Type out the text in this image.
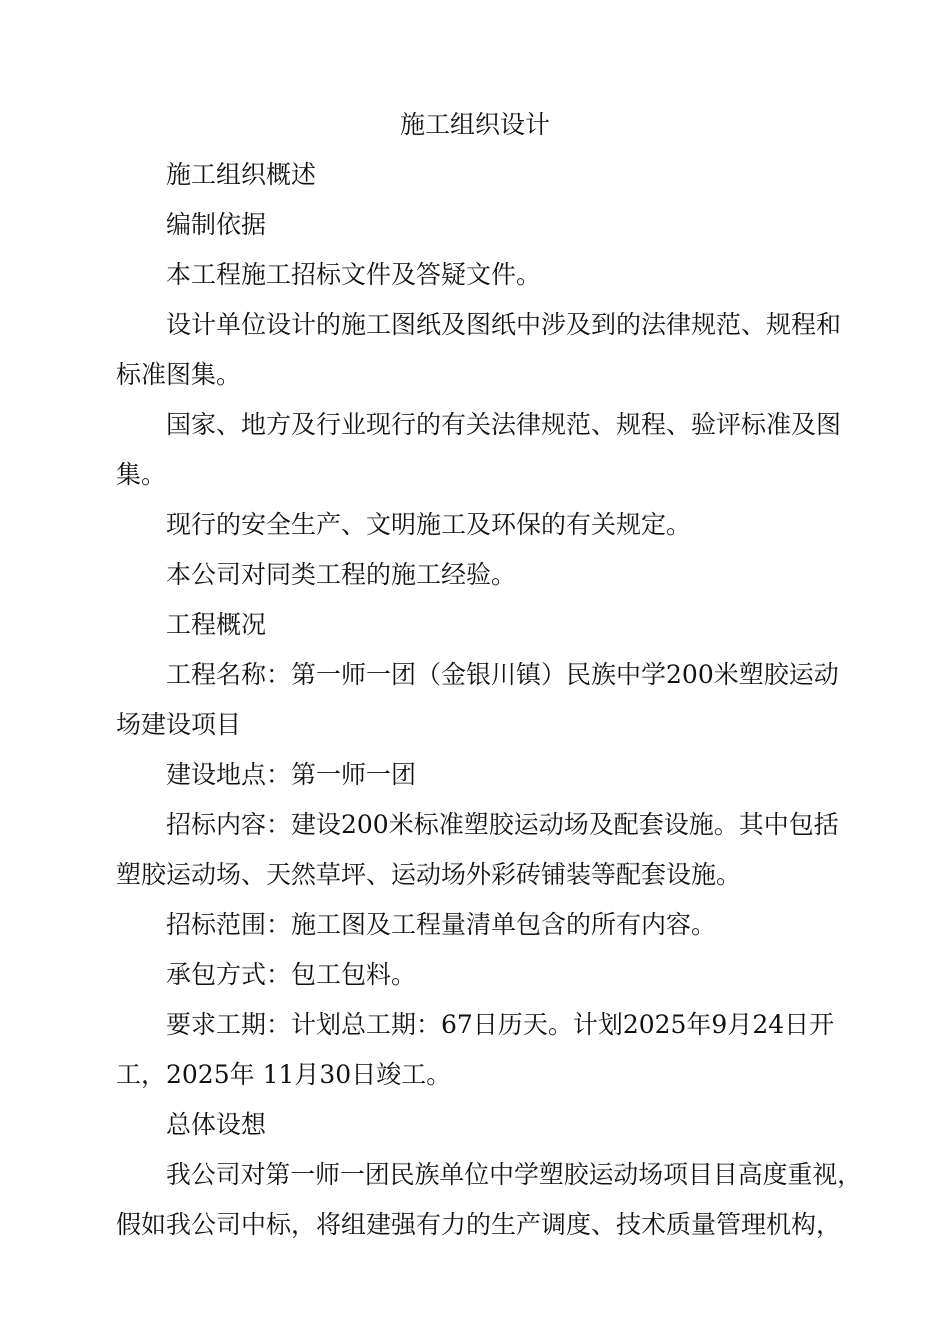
施工组织设计

施工组织概述

编制依据

本工程施工招标文件及答疑文件。

设计单位设计的施工图纸及图纸中涉及到的法律规范、规程和

标准图集。

国家、地方及行业现行的有关法律规范、规程、验评标准及图

集。

现行的安全生产、文明施工及环保的有关规定。

本公司对同类工程的施工经验。

工程概况

工程名称：第一师一团（金银川镇）民族中学200米塑胶运动

场建设项目

建设地点：第一师一团

招标内容：建设200米标准塑胶运动场及配套设施。其中包括

塑胶运动场、天然草坪、运动场外彩砖铺装等配套设施。

招标范围：施工图及工程量清单包含的所有内容。

承包方式：包工包料。

要求工期：计划总工期：67日历天。计划2025年9月24日开

工，2025年 11月30日竣工。

总体设想

我公司对第一师一团民族单位中学塑胶运动场项目目高度重视，

假如我公司中标，将组建强有力的生产调度、技术质量管理机构，
